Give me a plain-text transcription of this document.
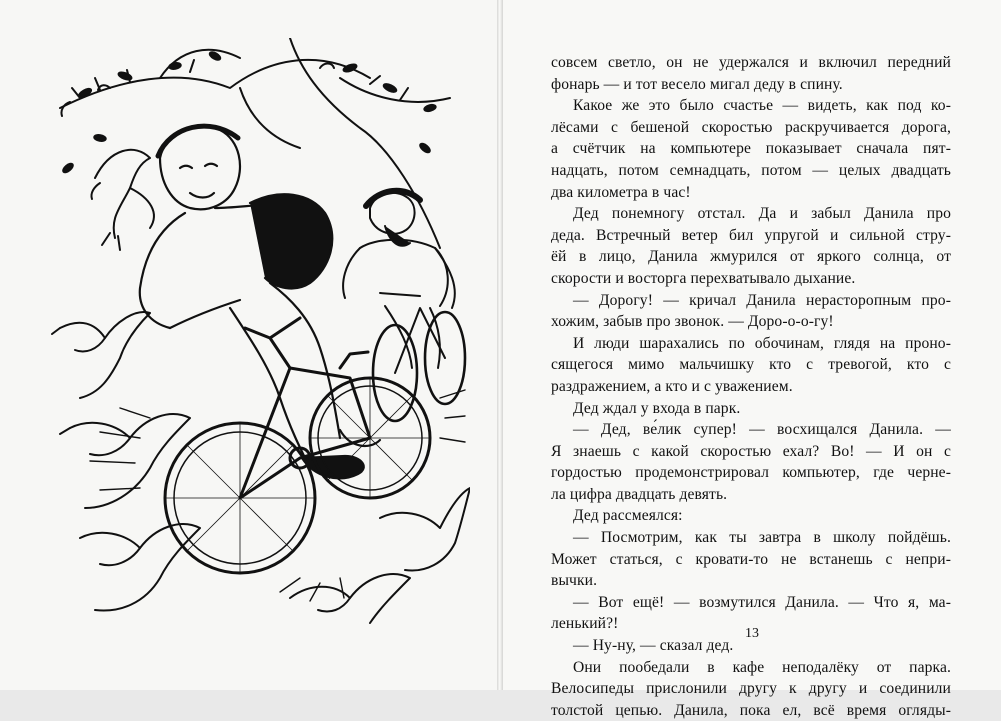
совсем светло, он не удержался и включил передний
фонарь — и тот весело мигал деду в спину.
Какое же это было счастье — видеть, как под ко-
лёсами с бешеной скоростью раскручивается дорога,
а счётчик на компьютере показывает сначала пят-
надцать, потом семнадцать, потом — целых двадцать
два километра в час!
Дед понемногу отстал. Да и забыл Данила про
деда. Встречный ветер бил упругой и сильной стру-
ёй в лицо, Данила жмурился от яркого солнца, от
скорости и восторга перехватывало дыхание.
— Дорогу! — кричал Данила нерасторопным про-
хожим, забыв про звонок. — Доро-о-о-гу!
И люди шарахались по обочинам, глядя на проно-
сящегося мимо мальчишку кто с тревогой, кто с
раздражением, а кто и с уважением.
Дед ждал у входа в парк.
— Дед, ве́лик супер! — восхищался Данила. —
Я знаешь с какой скоростью ехал? Во! — И он с
гордостью продемонстрировал компьютер, где черне-
ла цифра двадцать девять.
Дед рассмеялся:
— Посмотрим, как ты завтра в школу пойдёшь.
Может статься, с кровати-то не встанешь с непри-
вычки.
— Вот ещё! — возмутился Данила. — Что я, ма-
ленький?!
— Ну-ну, — сказал дед.
Они пообедали в кафе неподалёку от парка.
Велосипеды прислонили другу к другу и соединили
толстой цепью. Данила, пока ел, всё время огляды-
13
